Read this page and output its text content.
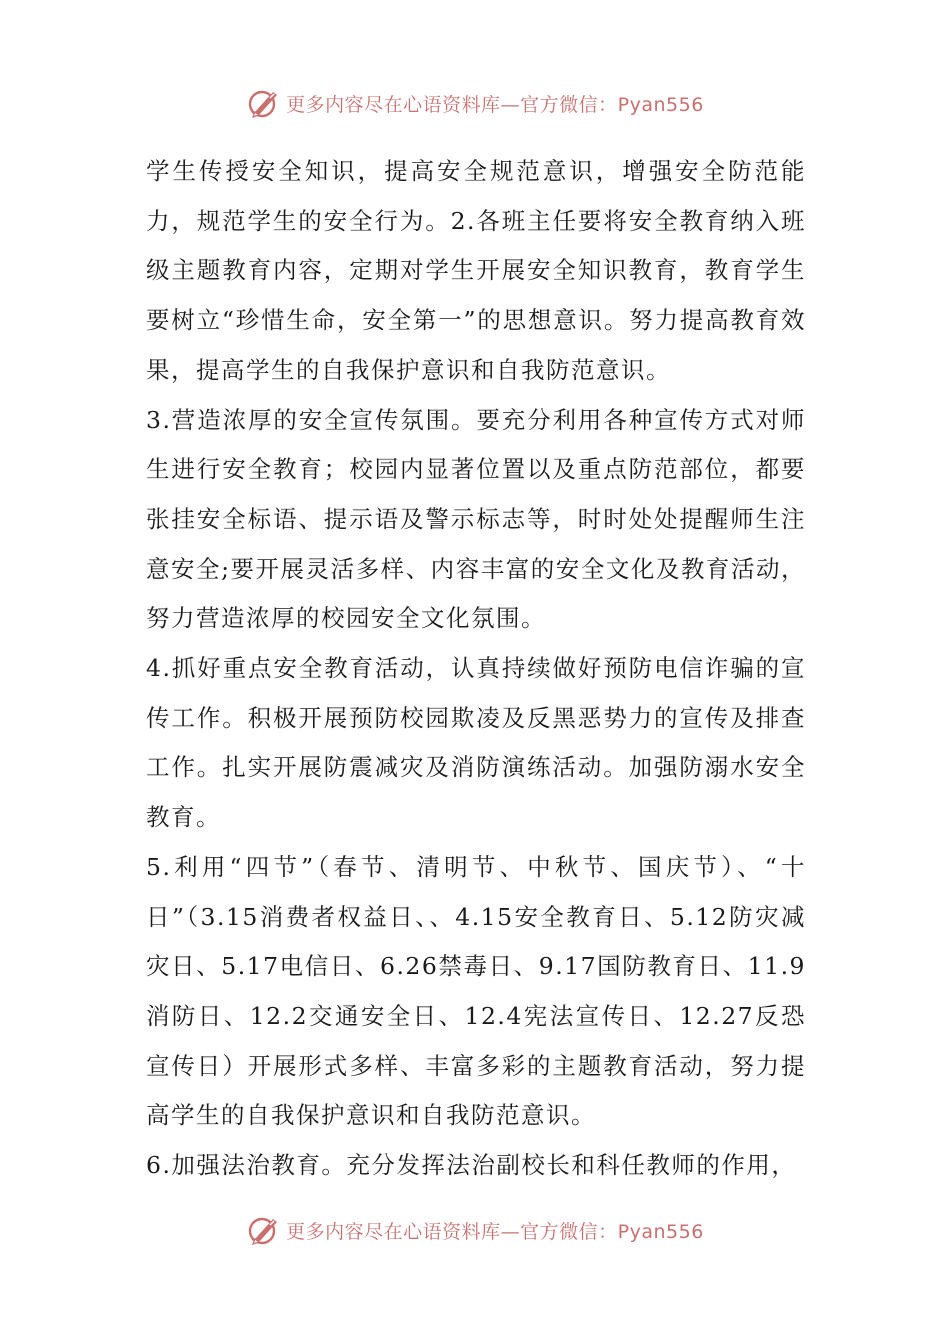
更多内容尽在心语资料库—官方微信：Pyan556

学生传授安全知识，提高安全规范意识，增强安全防范能力，规范学生的安全行为。2.各班主任要将安全教育纳入班级主题教育内容，定期对学生开展安全知识教育，教育学生要树立“珍惜生命，安全第一”的思想意识。努力提高教育效果，提高学生的自我保护意识和自我防范意识。

3.营造浓厚的安全宣传氛围。要充分利用各种宣传方式对师生进行安全教育；校园内显著位置以及重点防范部位，都要张挂安全标语、提示语及警示标志等，时时处处提醒师生注意安全;要开展灵活多样、内容丰富的安全文化及教育活动，努力营造浓厚的校园安全文化氛围。

4.抓好重点安全教育活动，认真持续做好预防电信诈骗的宣传工作。积极开展预防校园欺凌及反黑恶势力的宣传及排查工作。扎实开展防震减灾及消防演练活动。加强防溺水安全教育。

5.利用“四节”（春节、清明节、中秋节、国庆节）、“十日”（3.15消费者权益日、、4.15安全教育日、5.12防灾减灾日、5.17电信日、6.26禁毒日、9.17国防教育日、11.9消防日、12.2交通安全日、12.4宪法宣传日、12.27反恐宣传日）开展形式多样、丰富多彩的主题教育活动，努力提高学生的自我保护意识和自我防范意识。

6.加强法治教育。充分发挥法治副校长和科任教师的作用，

更多内容尽在心语资料库—官方微信：Pyan556
